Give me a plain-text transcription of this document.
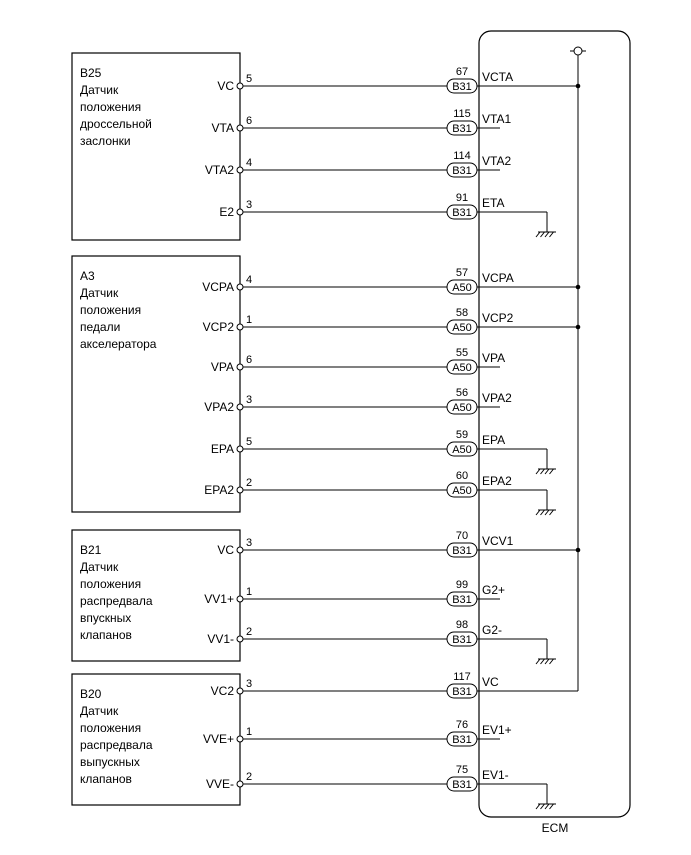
ECM
B25
Датчик
положения
дроссельной
заслонки
B31
VC 5
67 VCTA
B31
VTA 6
115 VTA1
B31
VTA2 4
114 VTA2
B31
E2 3
91 ETA
A3
Датчик
положения
педали
акселератора
A50
VCPA 4
57 VCPA
A50
VCP2 1
58 VCP2
A50
VPA 6
55 VPA
A50
VPA2 3
56 VPA2
A50
EPA 5
59 EPA
A50
EPA2 2
60 EPA2
B21
Датчик
положения
распредвала
впускных
клапанов
B31
VC 3
70 VCV1
B31
VV1+ 1
99 G2+
B31
VV1- 2
98 G2-
B20
Датчик
положения
распредвала
выпускных
клапанов
B31
VC2 3
117 VC
B31
VVE+ 1
76 EV1+
B31
VVE- 2
75 EV1-
